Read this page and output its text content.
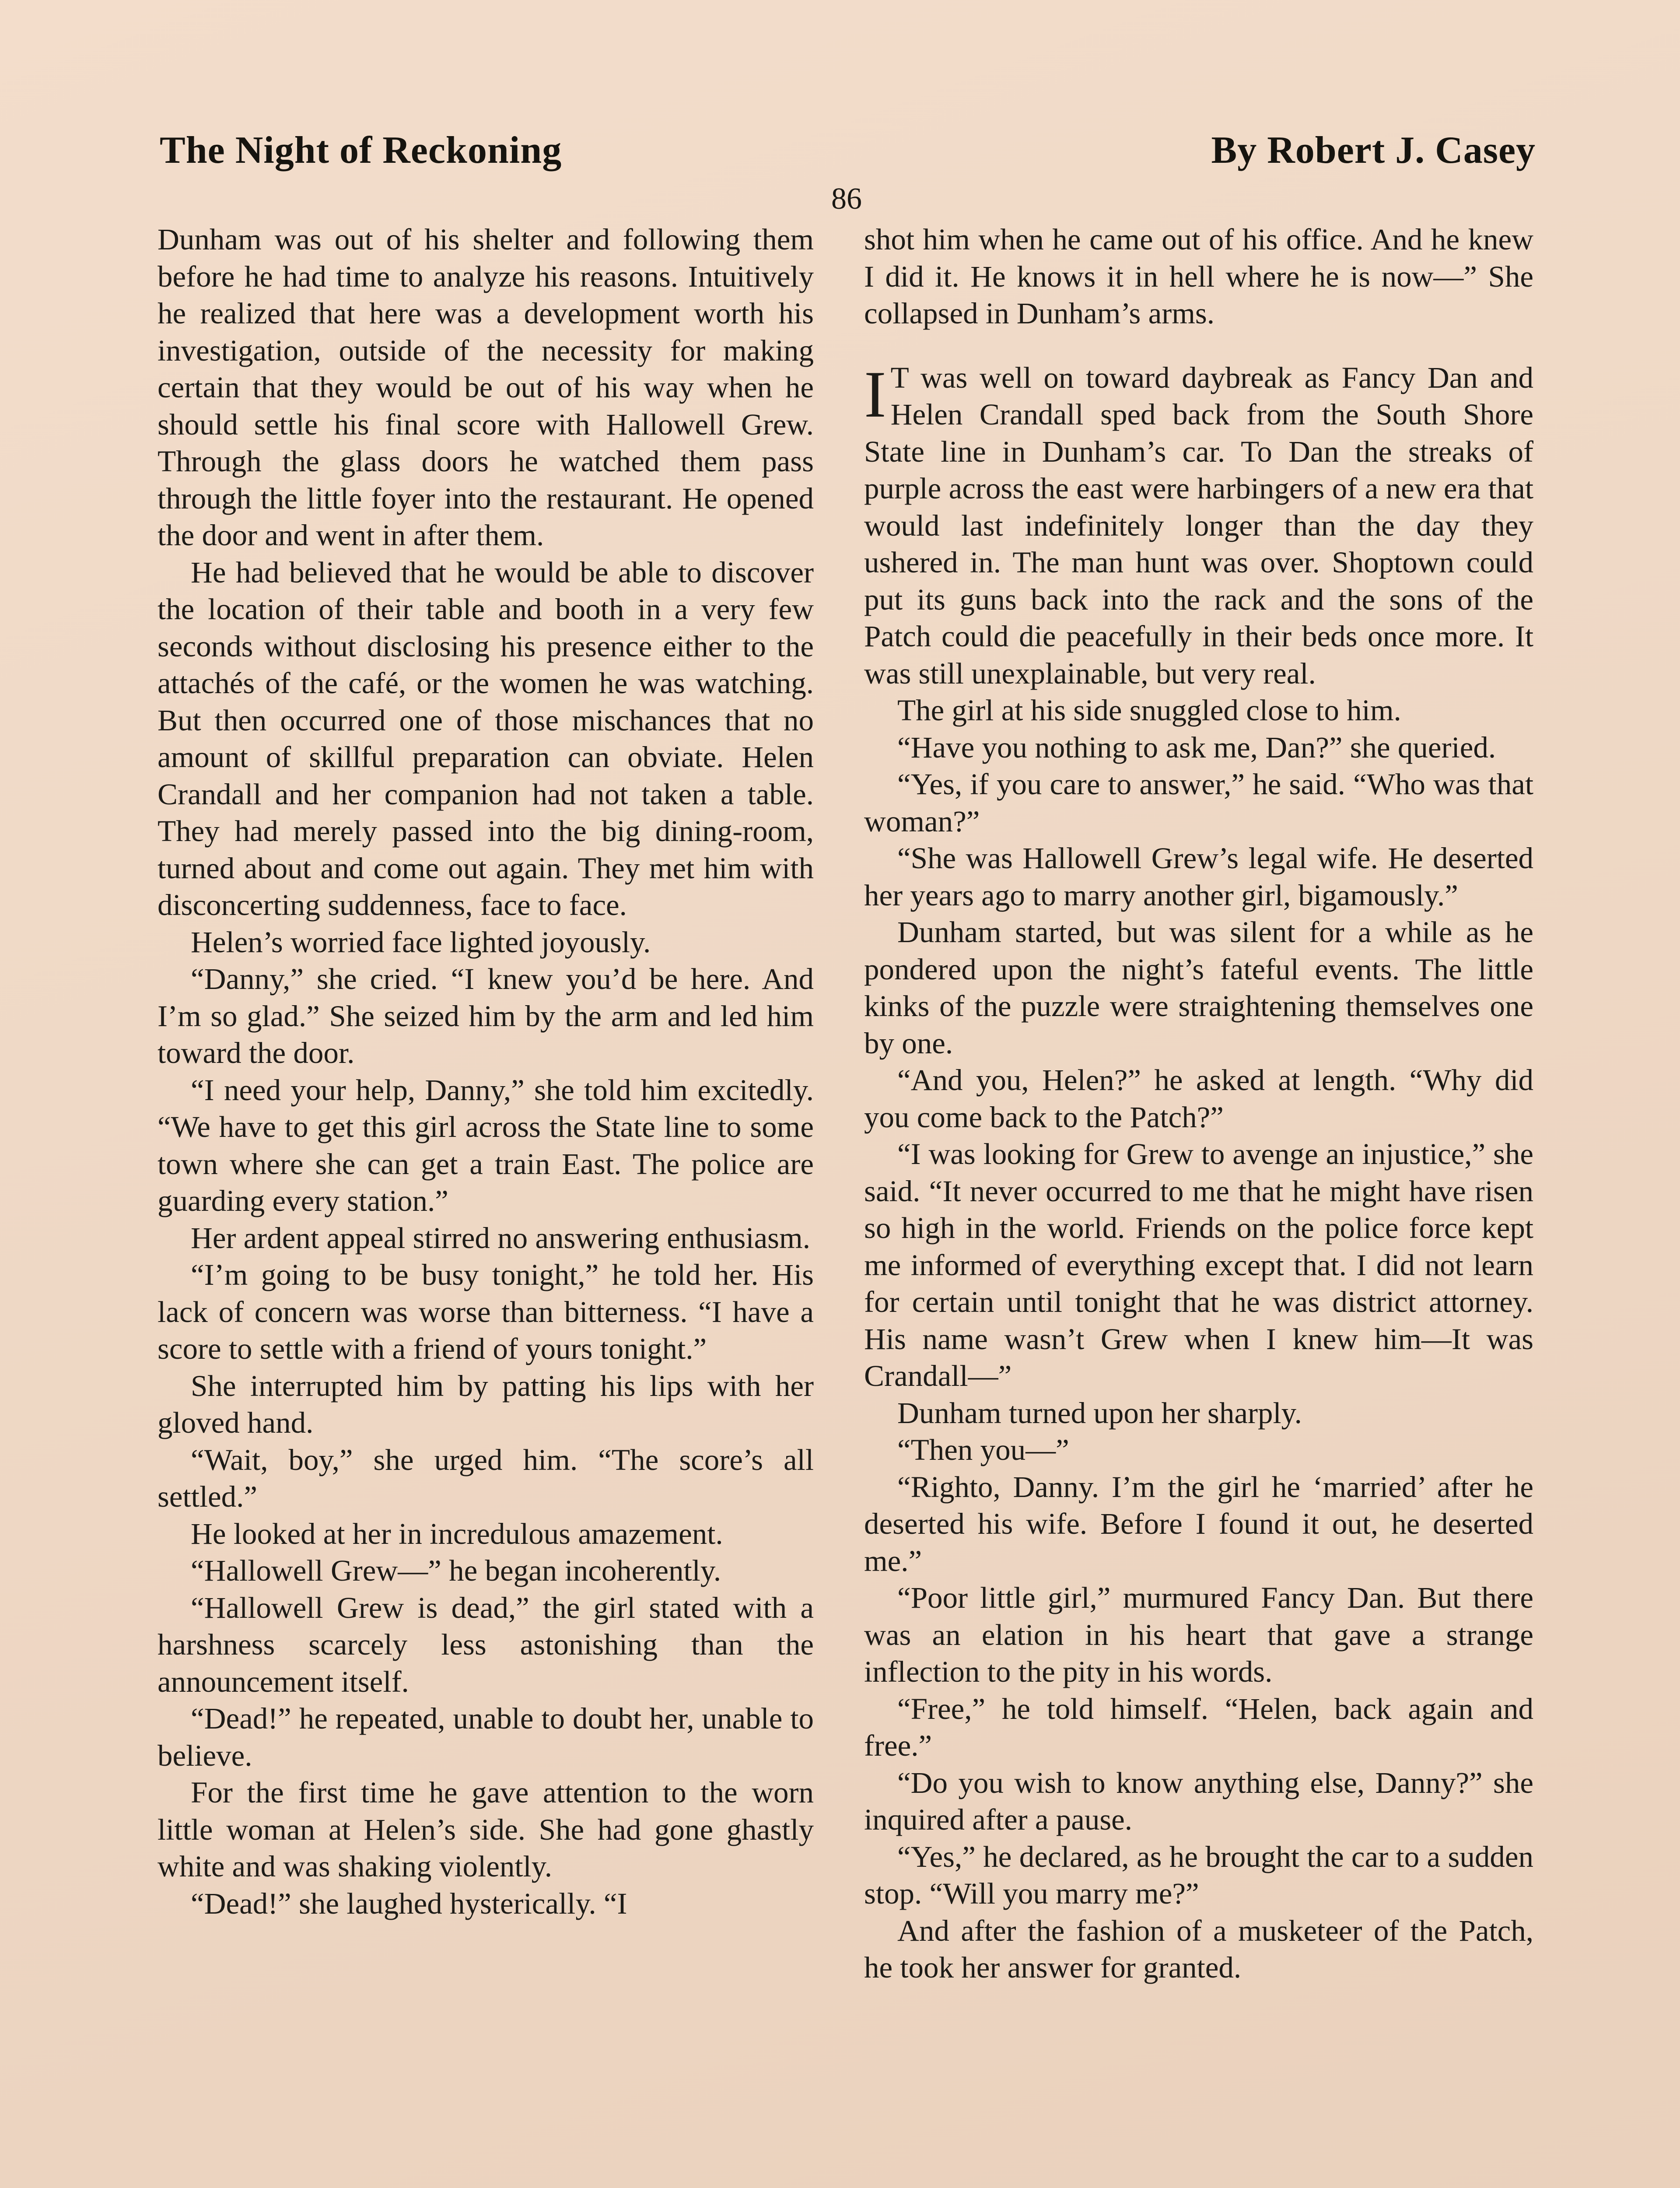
The Night of Reckoning	By Robert J. Casey
86

Dunham was out of his shelter and following them before he had time to analyze his reasons. Intuitively he realized that here was a development worth his investigation, outside of the necessity for making certain that they would be out of his way when he should settle his final score with Hallowell Grew. Through the glass doors he watched them pass through the little foyer into the restaurant. He opened the door and went in after them.

He had believed that he would be able to discover the location of their table and booth in a very few seconds without disclosing his presence either to the attachés of the café, or the women he was watching. But then occurred one of those mischances that no amount of skillful preparation can obviate. Helen Crandall and her companion had not taken a table. They had merely passed into the big dining-room, turned about and come out again. They met him with disconcerting suddenness, face to face.

Helen’s worried face lighted joyously.

“Danny,” she cried. “I knew you’d be here. And I’m so glad.” She seized him by the arm and led him toward the door.

“I need your help, Danny,” she told him excitedly. “We have to get this girl across the State line to some town where she can get a train East. The police are guarding every station.”

Her ardent appeal stirred no answering enthusiasm.

“I’m going to be busy tonight,” he told her. His lack of concern was worse than bitterness. “I have a score to settle with a friend of yours tonight.”

She interrupted him by patting his lips with her gloved hand.

“Wait, boy,” she urged him. “The score’s all settled.”

He looked at her in incredulous amazement.

“Hallowell Grew—” he began incoherently.

“Hallowell Grew is dead,” the girl stated with a harshness scarcely less astonishing than the announcement itself.

“Dead!” he repeated, unable to doubt her, unable to believe.

For the first time he gave attention to the worn little woman at Helen’s side. She had gone ghastly white and was shaking violently.

“Dead!” she laughed hysterically. “I

shot him when he came out of his office. And he knew I did it. He knows it in hell where he is now—” She collapsed in Dunham’s arms.

I T was well on toward daybreak as Fancy Dan and Helen Crandall sped back from the South Shore State line in Dunham’s car. To Dan the streaks of purple across the east were harbingers of a new era that would last indefinitely longer than the day they ushered in. The man hunt was over. Shoptown could put its guns back into the rack and the sons of the Patch could die peacefully in their beds once more. It was still unexplainable, but very real.

The girl at his side snuggled close to him.

“Have you nothing to ask me, Dan?” she queried.

“Yes, if you care to answer,” he said. “Who was that woman?”

“She was Hallowell Grew’s legal wife. He deserted her years ago to marry another girl, bigamously.”

Dunham started, but was silent for a while as he pondered upon the night’s fateful events. The little kinks of the puzzle were straightening themselves one by one.

“And you, Helen?” he asked at length. “Why did you come back to the Patch?”

“I was looking for Grew to avenge an injustice,” she said. “It never occurred to me that he might have risen so high in the world. Friends on the police force kept me informed of everything except that. I did not learn for certain until tonight that he was district attorney. His name wasn’t Grew when I knew him—It was Crandall—”

Dunham turned upon her sharply.

“Then you—”

“Righto, Danny. I’m the girl he ‘married’ after he deserted his wife. Before I found it out, he deserted me.”

“Poor little girl,” murmured Fancy Dan. But there was an elation in his heart that gave a strange inflection to the pity in his words.

“Free,” he told himself. “Helen, back again and free.”

“Do you wish to know anything else, Danny?” she inquired after a pause.

“Yes,” he declared, as he brought the car to a sudden stop. “Will you marry me?”

And after the fashion of a musketeer of the Patch, he took her answer for granted.
